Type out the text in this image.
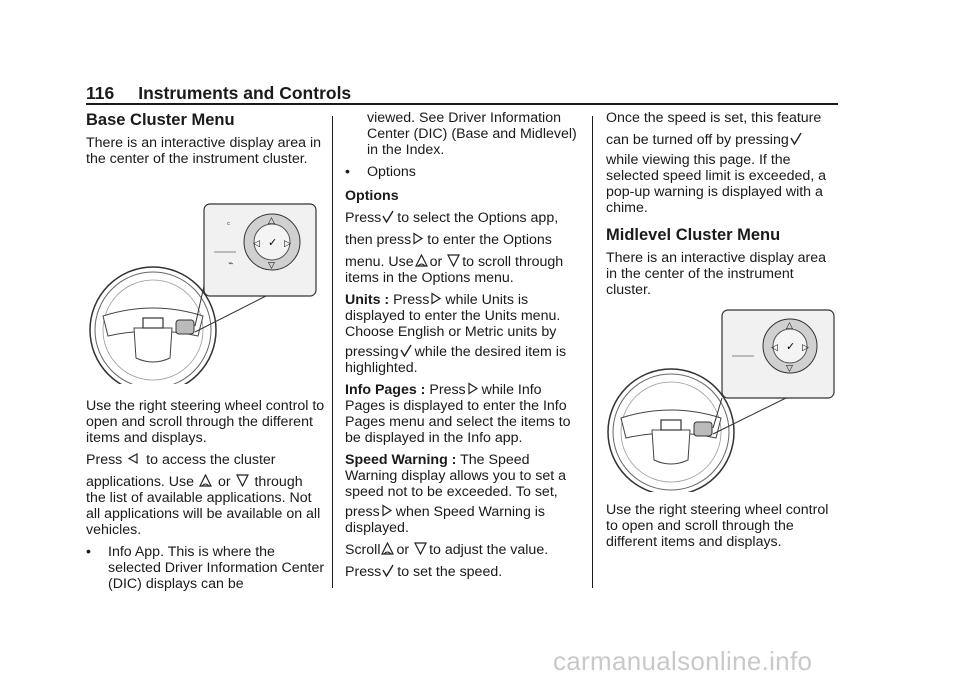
116 Instruments and Controls

Base Cluster Menu

There is an interactive display area in the center of the instrument cluster.

✓
△
▽
◁	▷
ᶜ
⌁

Use the right steering wheel control to open and scroll through the different items and displays.

Press to access the cluster

applications. Use or through

the list of available applications. Not all applications will be available on all vehicles.

•	Info App. This is where the selected Driver Information Center (DIC) displays can be

viewed. See Driver Information Center (DIC) (Base and Midlevel) in the Index.

•	Options

Options

Press to select the Options app,

then press to enter the Options

menu. Use or to scroll through

items in the Options menu.

Units : Press while Units is

displayed to enter the Units menu. Choose English or Metric units by

pressing while the desired item is

highlighted.

Info Pages : Press while Info

Pages is displayed to enter the Info Pages menu and select the items to be displayed in the Info app.

Speed Warning : The Speed

Warning display allows you to set a speed not to be exceeded. To set,

press when Speed Warning is

displayed.

Scroll or to adjust the value.

Press to set the speed.

Once the speed is set, this feature

can be turned off by pressing

while viewing this page. If the selected speed limit is exceeded, a pop-up warning is displayed with a chime.

Midlevel Cluster Menu

There is an interactive display area in the center of the instrument cluster.

✓
△
▽
◁	▷

Use the right steering wheel control to open and scroll through the different items and displays.

carmanualsonline.info
